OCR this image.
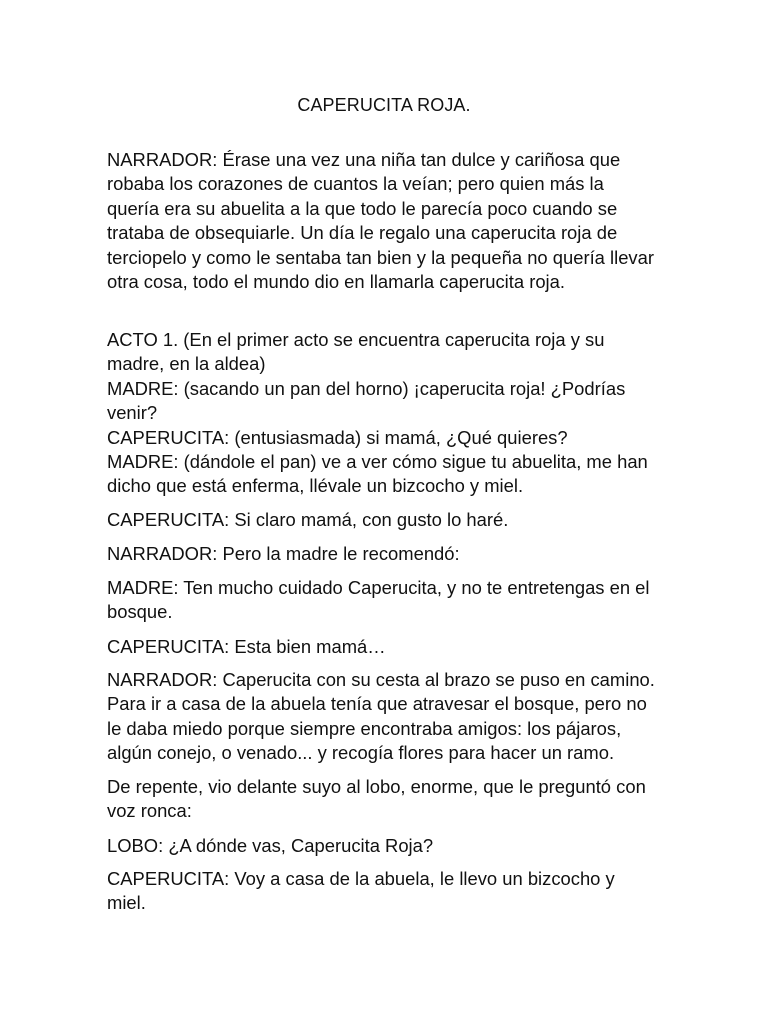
CAPERUCITA ROJA.
NARRADOR: Érase una vez una niña tan dulce y cariñosa que
robaba los corazones de cuantos la veían; pero quien más la
quería era su abuelita a la que todo le parecía poco cuando se
trataba de obsequiarle. Un día le regalo una caperucita roja de
terciopelo y como le sentaba tan bien y la pequeña no quería llevar
otra cosa, todo el mundo dio en llamarla caperucita roja.
ACTO 1. (En el primer acto se encuentra caperucita roja y su
madre, en la aldea)
MADRE: (sacando un pan del horno) ¡caperucita roja! ¿Podrías
venir?
CAPERUCITA: (entusiasmada) si mamá, ¿Qué quieres?
MADRE: (dándole el pan) ve a ver cómo sigue tu abuelita, me han
dicho que está enferma, llévale un bizcocho y miel.
CAPERUCITA: Si claro mamá, con gusto lo haré.
NARRADOR: Pero la madre le recomendó:
MADRE: Ten mucho cuidado Caperucita, y no te entretengas en el
bosque.
CAPERUCITA: Esta bien mamá…
NARRADOR: Caperucita con su cesta al brazo se puso en camino.
Para ir a casa de la abuela tenía que atravesar el bosque, pero no
le daba miedo porque siempre encontraba amigos: los pájaros,
algún conejo, o venado... y recogía flores para hacer un ramo.
De repente, vio delante suyo al lobo, enorme, que le preguntó con
voz ronca:
LOBO: ¿A dónde vas, Caperucita Roja?
CAPERUCITA: Voy a casa de la abuela, le llevo un bizcocho y
miel.
